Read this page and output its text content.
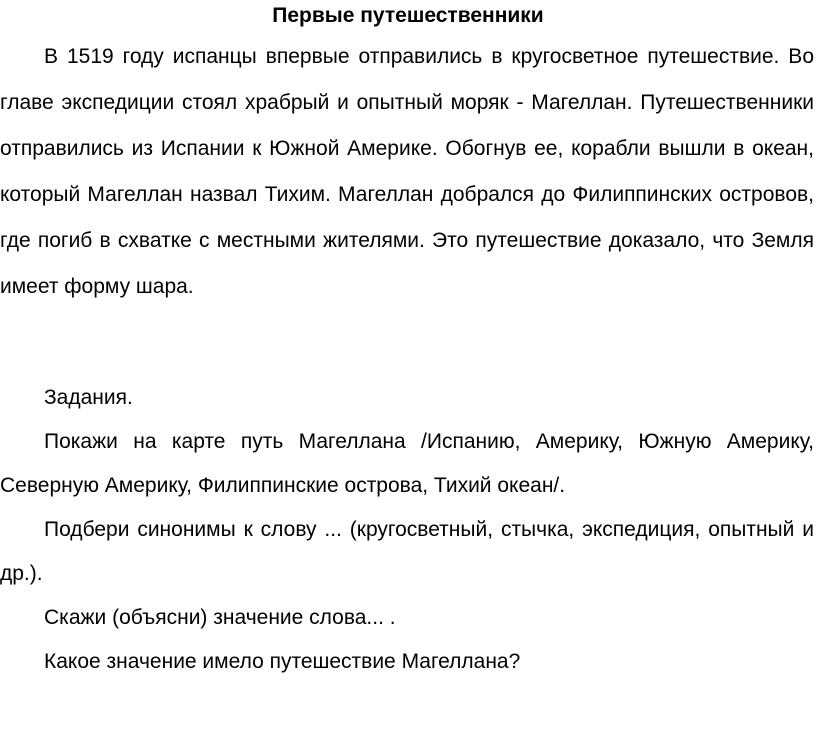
Первые путешественники

В 1519 году испанцы впервые отправились в кругосветное путешествие. Во главе экспедиции стоял храбрый и опытный моряк - Магеллан. Путешественники отправились из Испании к Южной Америке. Обогнув ее, корабли вышли в океан, который Магеллан назвал Тихим. Магеллан добрался до Филиппинских островов, где погиб в схватке с местными жителями. Это путешествие доказало, что Земля имеет форму шара.

Задания.

Покажи на карте путь Магеллана /Испанию, Америку, Южную Америку, Северную Америку, Филиппинские острова, Тихий океан/.

Подбери синонимы к слову ... (кругосветный, стычка, экспедиция, опытный и др.).

Скажи (объясни) значение слова... .

Какое значение имело путешествие Магеллана?
